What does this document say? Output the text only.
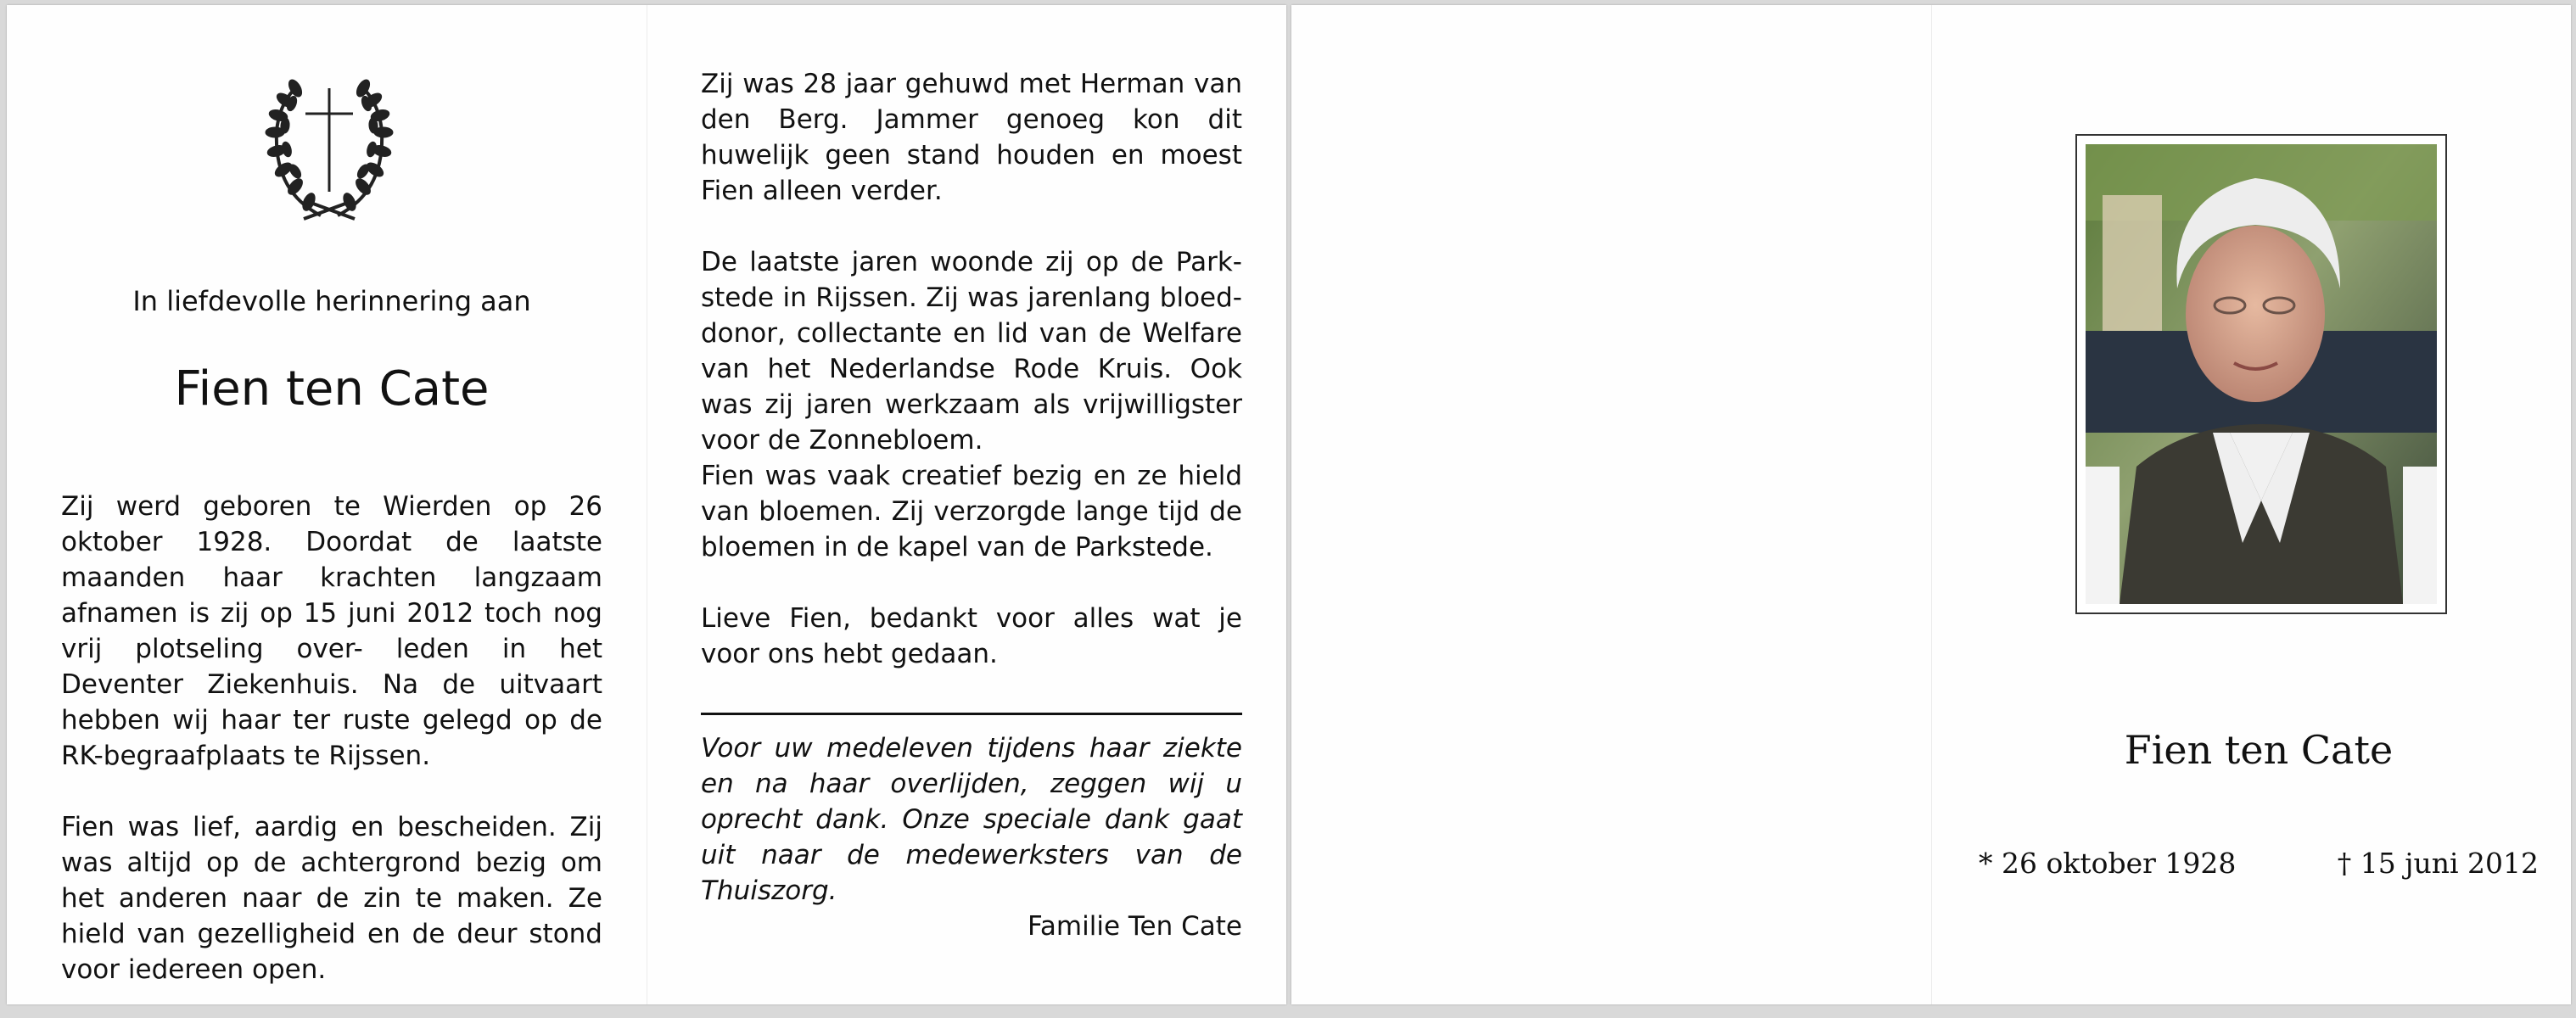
In liefdevolle herinnering aan
Fien ten Cate

Zij werd geboren te Wierden op 26 oktober 1928. Doordat de laatste maanden haar krachten langzaam afnamen is zij op 15 juni 2012 toch nog vrij plotseling over- leden in het Deventer Ziekenhuis. Na de uitvaart hebben wij haar ter ruste gelegd op de RK-begraafplaats te Rijssen.

Fien was lief, aardig en bescheiden. Zij was altijd op de achtergrond bezig om het anderen naar de zin te maken. Ze hield van gezelligheid en de deur stond voor iedereen open.

Zij was 28 jaar gehuwd met Herman van den Berg. Jammer genoeg kon dit huwelijk geen stand houden en moest Fien alleen verder.

De laatste jaren woonde zij op de Park- stede in Rijssen. Zij was jarenlang bloed- donor, collectante en lid van de Welfare van het Nederlandse Rode Kruis. Ook was zij jaren werkzaam als vrijwilligster voor de Zonnebloem.

Fien was vaak creatief bezig en ze hield van bloemen. Zij verzorgde lange tijd de bloemen in de kapel van de Parkstede.

Lieve Fien, bedankt voor alles wat je voor ons hebt gedaan.

Voor uw medeleven tijdens haar ziekte en na haar overlijden, zeggen wij u oprecht dank. Onze speciale dank gaat uit naar de medewerksters van de Thuiszorg.

Familie Ten Cate

Fien ten Cate
* 26 oktober 1928	† 15 juni 2012
